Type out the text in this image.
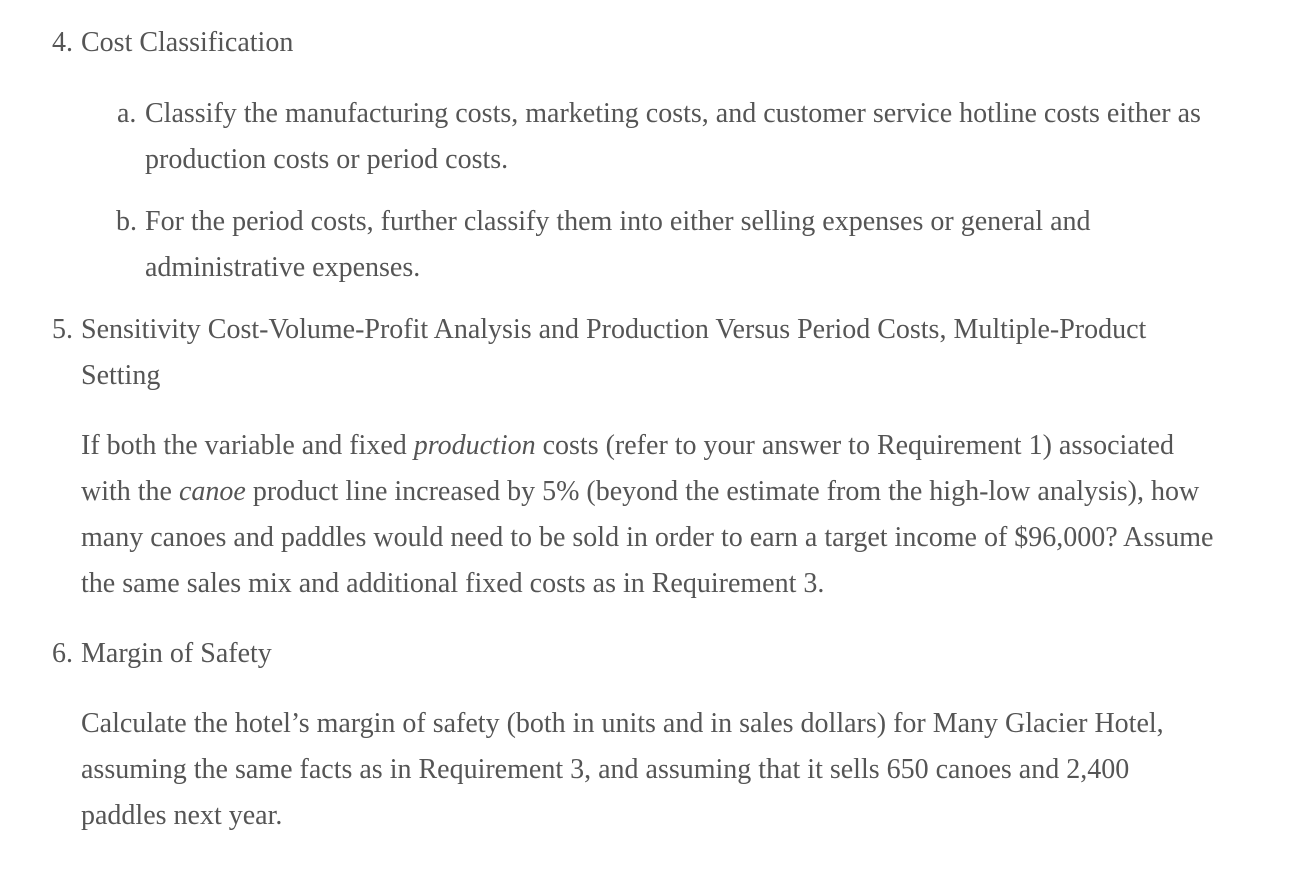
4. Cost Classification
a. Classify the manufacturing costs, marketing costs, and customer service hotline costs either as
production costs or period costs.
b. For the period costs, further classify them into either selling expenses or general and
administrative expenses.
5. Sensitivity Cost-Volume-Profit Analysis and Production Versus Period Costs, Multiple-Product
Setting
If both the variable and fixed production costs (refer to your answer to Requirement 1) associated
with the canoe product line increased by 5% (beyond the estimate from the high-low analysis), how
many canoes and paddles would need to be sold in order to earn a target income of $96,000? Assume
the same sales mix and additional fixed costs as in Requirement 3.
6. Margin of Safety
Calculate the hotel’s margin of safety (both in units and in sales dollars) for Many Glacier Hotel,
assuming the same facts as in Requirement 3, and assuming that it sells 650 canoes and 2,400
paddles next year.
